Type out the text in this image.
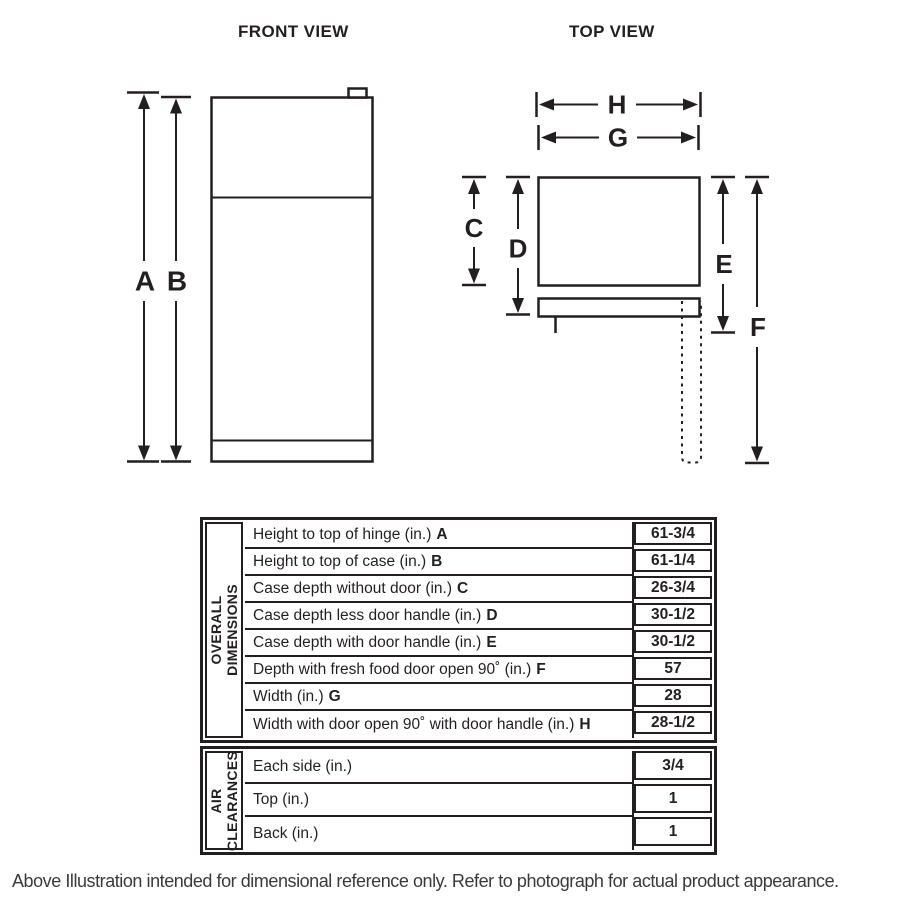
FRONT VIEW	TOP VIEW
A B
H
G
C
D
E
F
OVERALL DIMENSIONS
Height to top of hinge (in.) A
Height to top of case (in.) B
Case depth without door (in.) C
Case depth less door handle (in.) D
Case depth with door handle (in.) E
Depth with fresh food door open 90˚ (in.) F
Width (in.) G
Width with door open 90˚ with door handle (in.) H
61-3/4
61-1/4
26-3/4
30-1/2
30-1/2
57
28
28-1/2
AIR CLEARANCES Each side (in.)
Top (in.)
Back (in.)
3/4
1
1
Above Illustration intended for dimensional reference only. Refer to photograph for actual product appearance.
